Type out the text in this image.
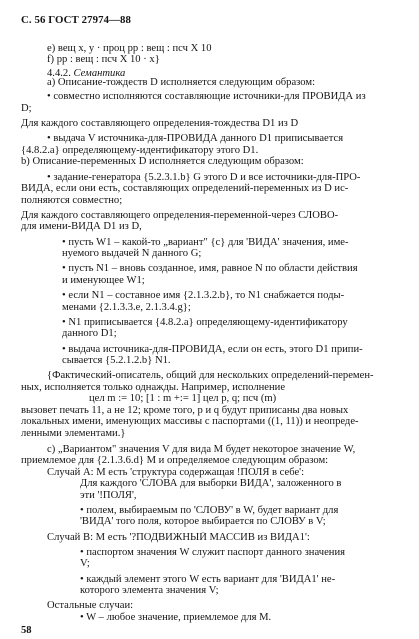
С. 56 ГОСТ 27974—88
е) вещ х, у · проц рр : вещ : псч Х 10
f) рр : вещ : псч Х 10 · х}
4.4.2. Семантика
а) Описание-тождеств D исполняется следующим образом:
• совместно исполняются составляющие источники-для ПРОВИДА из
D;
Для каждого составляющего определения-тождества D1 из D
• выдача V источника-для-ПРОВИДА данного D1 приписывается
{4.8.2.а} определяющему-идентификатору этого D1.
b) Описание-переменных D исполняется следующим образом:
• задание-генератора {5.2.3.1.b} G этого D и все источники-для-ПРО-
ВИДА, если они есть, составляющих определений-переменных из D ис-
полняются совместно;
Для каждого составляющего определения-переменной-через СЛОВО-
для имени-ВИДА D1 из D,
• пусть W1 – какой-то „вариант" {с} для 'ВИДА' значения, име-
нуемого выдачей N данного G;
• пусть N1 – вновь созданное, имя, равное N по области действия
и именующее W1;
• если N1 – составное имя {2.1.3.2.b}, то N1 снабжается поды-
менами {2.1.3.3.е, 2.1.3.4.g};
• N1 приписывается {4.8.2.а} определяющему-идентификатору
данного D1;
• выдача источника-для-ПРОВИДА, если он есть, этого D1 припи-
сывается {5.2.1.2.b} N1.
{Фактический-описатель, общий для нескольких определений-перемен-
ных, исполняется только однажды. Например, исполнение
цел m := 10; [1 : m +:= 1] цел р, q; псч (m)
вызовет печать 11, а не 12; кроме того, р и q будут приписаны два новых
локальных имени, именующих массивы с паспортами ((1, 11)) и неопреде-
ленными элементами.}
с) „Вариантом" значения V для вида M будет некоторое значение W,
приемлемое для {2.1.3.6.d} M и определяемое следующим образом:
Случай А: М есть 'структура содержащая !ПОЛЯ в себе':
Для каждого 'СЛОВА для выборки ВИДА', заложенного в
эти '!ПОЛЯ',
• полем, выбираемым по 'СЛОВУ' в W, будет вариант для
'ВИДА' того поля, которое выбирается по СЛОВУ в V;
Случай В: М есть '?ПОДВИЖНЫЙ МАССИВ из ВИДА1':
• паспортом значения W служит паспорт данного значения
V;
• каждый элемент этого W есть вариант для 'ВИДА1' не-
которого элемента значения V;
Остальные случаи:
• W – любое значение, приемлемое для M.
58
